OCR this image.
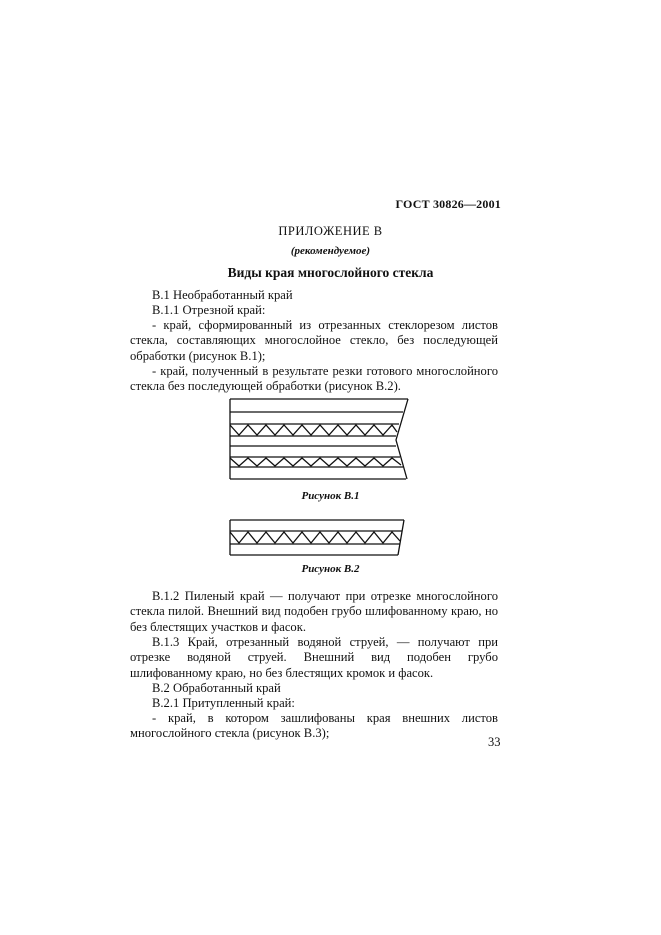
ГОСТ 30826—2001
ПРИЛОЖЕНИЕ В
(рекомендуемое)
Виды края многослойного стекла
В.1 Необработанный край
В.1.1 Отрезной край:
- край, сформированный из отрезанных стеклорезом листов стекла, составляющих многослойное стекло, без последующей обработки (рисунок В.1);
- край, полученный в результате резки готового многослойного стекла без последующей обработки (рисунок В.2).
Рисунок В.1
Рисунок В.2
В.1.2 Пиленый край — получают при отрезке многослойного стекла пилой. Внешний вид подобен грубо шлифованному краю, но без блестящих участков и фасок.
В.1.3 Край, отрезанный водяной струей, — получают при отрезке водяной струей. Внешний вид подобен грубо шлифованному краю, но без блестящих кромок и фасок.
В.2 Обработанный край
В.2.1 Притупленный край:
- край, в котором зашлифованы края внешних листов многослойного стекла (рисунок В.3);
33
